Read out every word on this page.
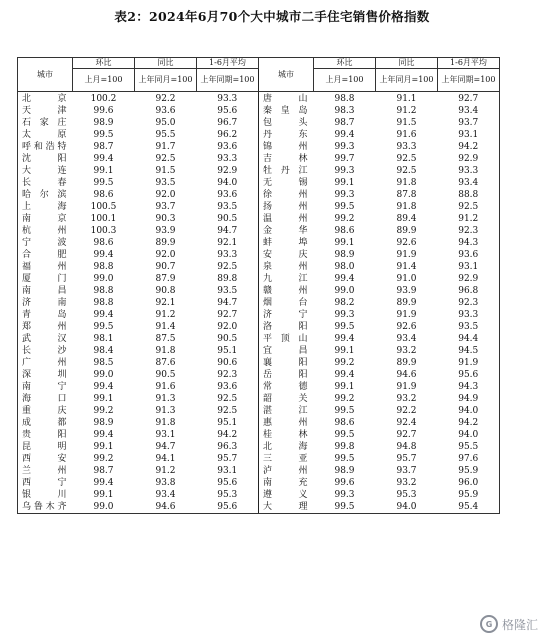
表2：2024年6月70个大中城市二手住宅销售价格指数
城市	环比	同比	1-6月平均	城市	环比	同比	1-6月平均
	上月=100	上年同月=100	上年同期=100		上月=100	上年同月=100	上年同期=100
北京	100.2	92.2	93.3	唐山	98.8	91.1	92.7
天津	99.6	93.6	95.6	秦皇岛	98.3	91.2	93.4
石家庄	98.9	95.0	96.7	包头	98.7	91.5	93.7
太原	99.5	95.5	96.2	丹东	99.4	91.6	93.1
呼和浩特	98.7	91.7	93.6	锦州	99.3	93.3	94.2
沈阳	99.4	92.5	93.3	吉林	99.7	92.5	92.9
大连	99.1	91.5	92.9	牡丹江	99.3	92.5	93.3
长春	99.5	93.5	94.0	无锡	99.1	91.8	93.4
哈尔滨	98.6	92.0	93.6	徐州	99.3	87.8	88.8
上海	100.5	93.7	93.5	扬州	99.5	91.8	92.5
南京	100.1	90.3	90.5	温州	99.2	89.4	91.2
杭州	100.3	93.9	94.7	金华	98.6	89.9	92.3
宁波	98.6	89.9	92.1	蚌埠	99.1	92.6	94.3
合肥	99.4	92.0	93.3	安庆	98.9	91.9	93.6
福州	98.8	90.7	92.5	泉州	98.0	91.4	93.1
厦门	99.0	87.9	89.8	九江	99.4	91.0	92.9
南昌	98.8	90.8	93.5	赣州	99.0	93.9	96.8
济南	98.8	92.1	94.7	烟台	98.2	89.9	92.3
青岛	99.4	91.2	92.7	济宁	99.3	91.9	93.3
郑州	99.5	91.4	92.0	洛阳	99.5	92.6	93.5
武汉	98.1	87.5	90.5	平顶山	99.4	93.4	94.4
长沙	98.4	91.8	95.1	宜昌	99.1	93.2	94.5
广州	98.5	87.6	90.6	襄阳	99.2	89.9	91.9
深圳	99.0	90.5	92.3	岳阳	99.4	94.6	95.6
南宁	99.4	91.6	93.6	常德	99.1	91.9	94.3
海口	99.1	91.3	92.5	韶关	99.2	93.2	94.9
重庆	99.2	91.3	92.5	湛江	99.5	92.2	94.0
成都	98.9	91.8	95.1	惠州	98.6	92.4	94.2
贵阳	99.4	93.1	94.2	桂林	99.5	92.7	94.0
昆明	99.1	94.7	96.3	北海	99.8	94.8	95.5
西安	99.2	94.1	95.7	三亚	99.5	95.7	97.6
兰州	98.7	91.2	93.1	泸州	98.9	93.7	95.9
西宁	99.4	93.8	95.6	南充	99.6	93.2	96.0
银川	99.1	93.4	95.3	遵义	99.3	95.3	95.9
乌鲁木齐	99.0	94.6	95.6	大理	99.5	94.0	95.4
G 格隆汇
